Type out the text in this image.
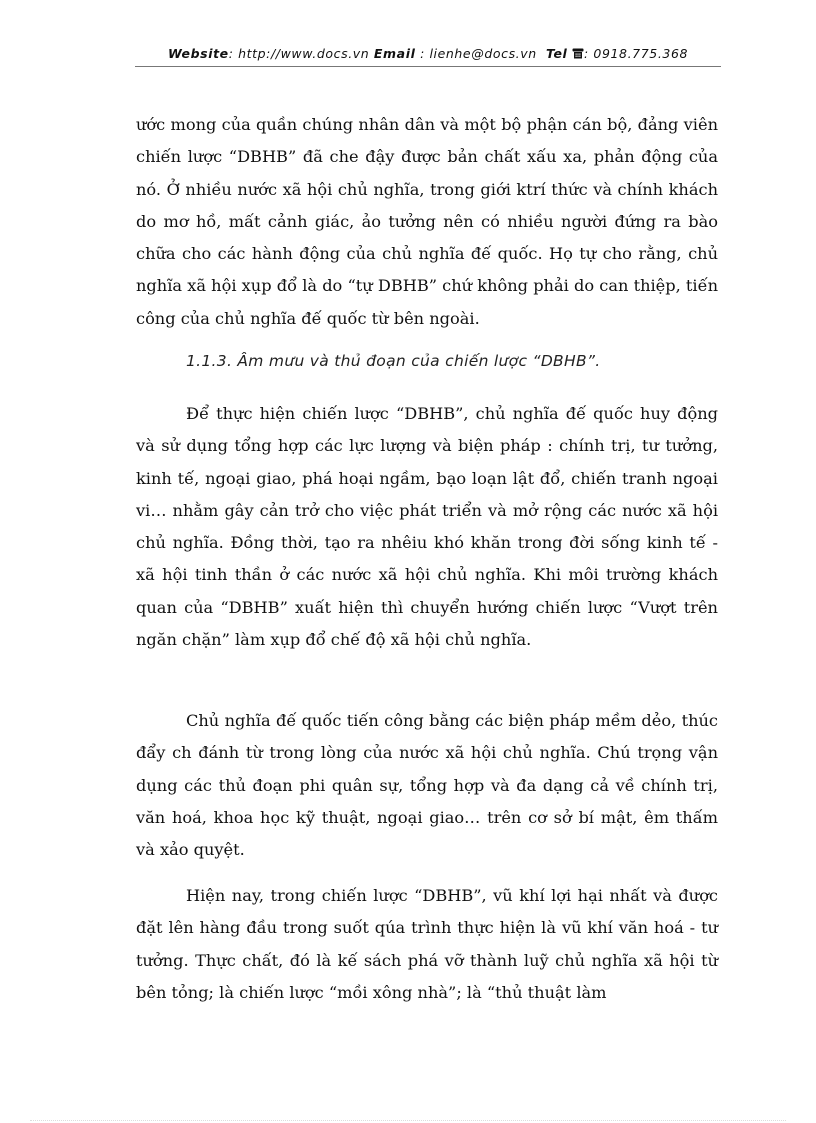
Website: http://www.docs.vn Email : lienhe@docs.vn Tel : 0918.775.368
ước mong của quần chúng nhân dân và một bộ phận cán bộ, đảng viên chiến lược “DBHB” đã che đậy được bản chất xấu xa, phản động của nó. Ở nhiều nước xã hội chủ nghĩa, trong giới ktrí thức và chính khách do mơ hồ, mất cảnh giác, ảo tưởng nên có nhiều người đứng ra bào chữa cho các hành động của chủ nghĩa đế quốc. Họ tự cho rằng, chủ nghĩa xã hội xụp đổ là do “tự DBHB” chứ không phải do can thiệp, tiến công của chủ nghĩa đế quốc từ bên ngoài.
1.1.3. Âm mưu và thủ đoạn của chiến lược “DBHB”.
Để thực hiện chiến lược “DBHB”, chủ nghĩa đế quốc huy động và sử dụng tổng hợp các lực lượng và biện pháp : chính trị, tư tưởng, kinh tế, ngoại giao, phá hoại ngầm, bạo loạn lật đổ, chiến tranh ngoại vi… nhằm gây cản trở cho việc phát triển và mở rộng các nước xã hội chủ nghĩa. Đồng thời, tạo ra nhêiu khó khăn trong đời sống kinh tế - xã hội tinh thần ở các nước xã hội chủ nghĩa. Khi môi trường khách quan của “DBHB” xuất hiện thì chuyển hướng chiến lược “Vượt trên ngăn chặn” làm xụp đổ chế độ xã hội chủ nghĩa.
Chủ nghĩa đế quốc tiến công bằng các biện pháp mềm dẻo, thúc đẩy ch đánh từ trong lòng của nước xã hội chủ nghĩa. Chú trọng vận dụng các thủ đoạn phi quân sự, tổng hợp và đa dạng cả về chính trị, văn hoá, khoa học kỹ thuật, ngoại giao… trên cơ sở bí mật, êm thấm và xảo quyệt.
Hiện nay, trong chiến lược “DBHB”, vũ khí lợi hại nhất và được đặt lên hàng đầu trong suốt qúa trình thực hiện là vũ khí văn hoá - tư tưởng. Thực chất, đó là kế sách phá vỡ thành luỹ chủ nghĩa xã hội từ bên tỏng; là chiến lược “mồi xông nhà”; là “thủ thuật làm
